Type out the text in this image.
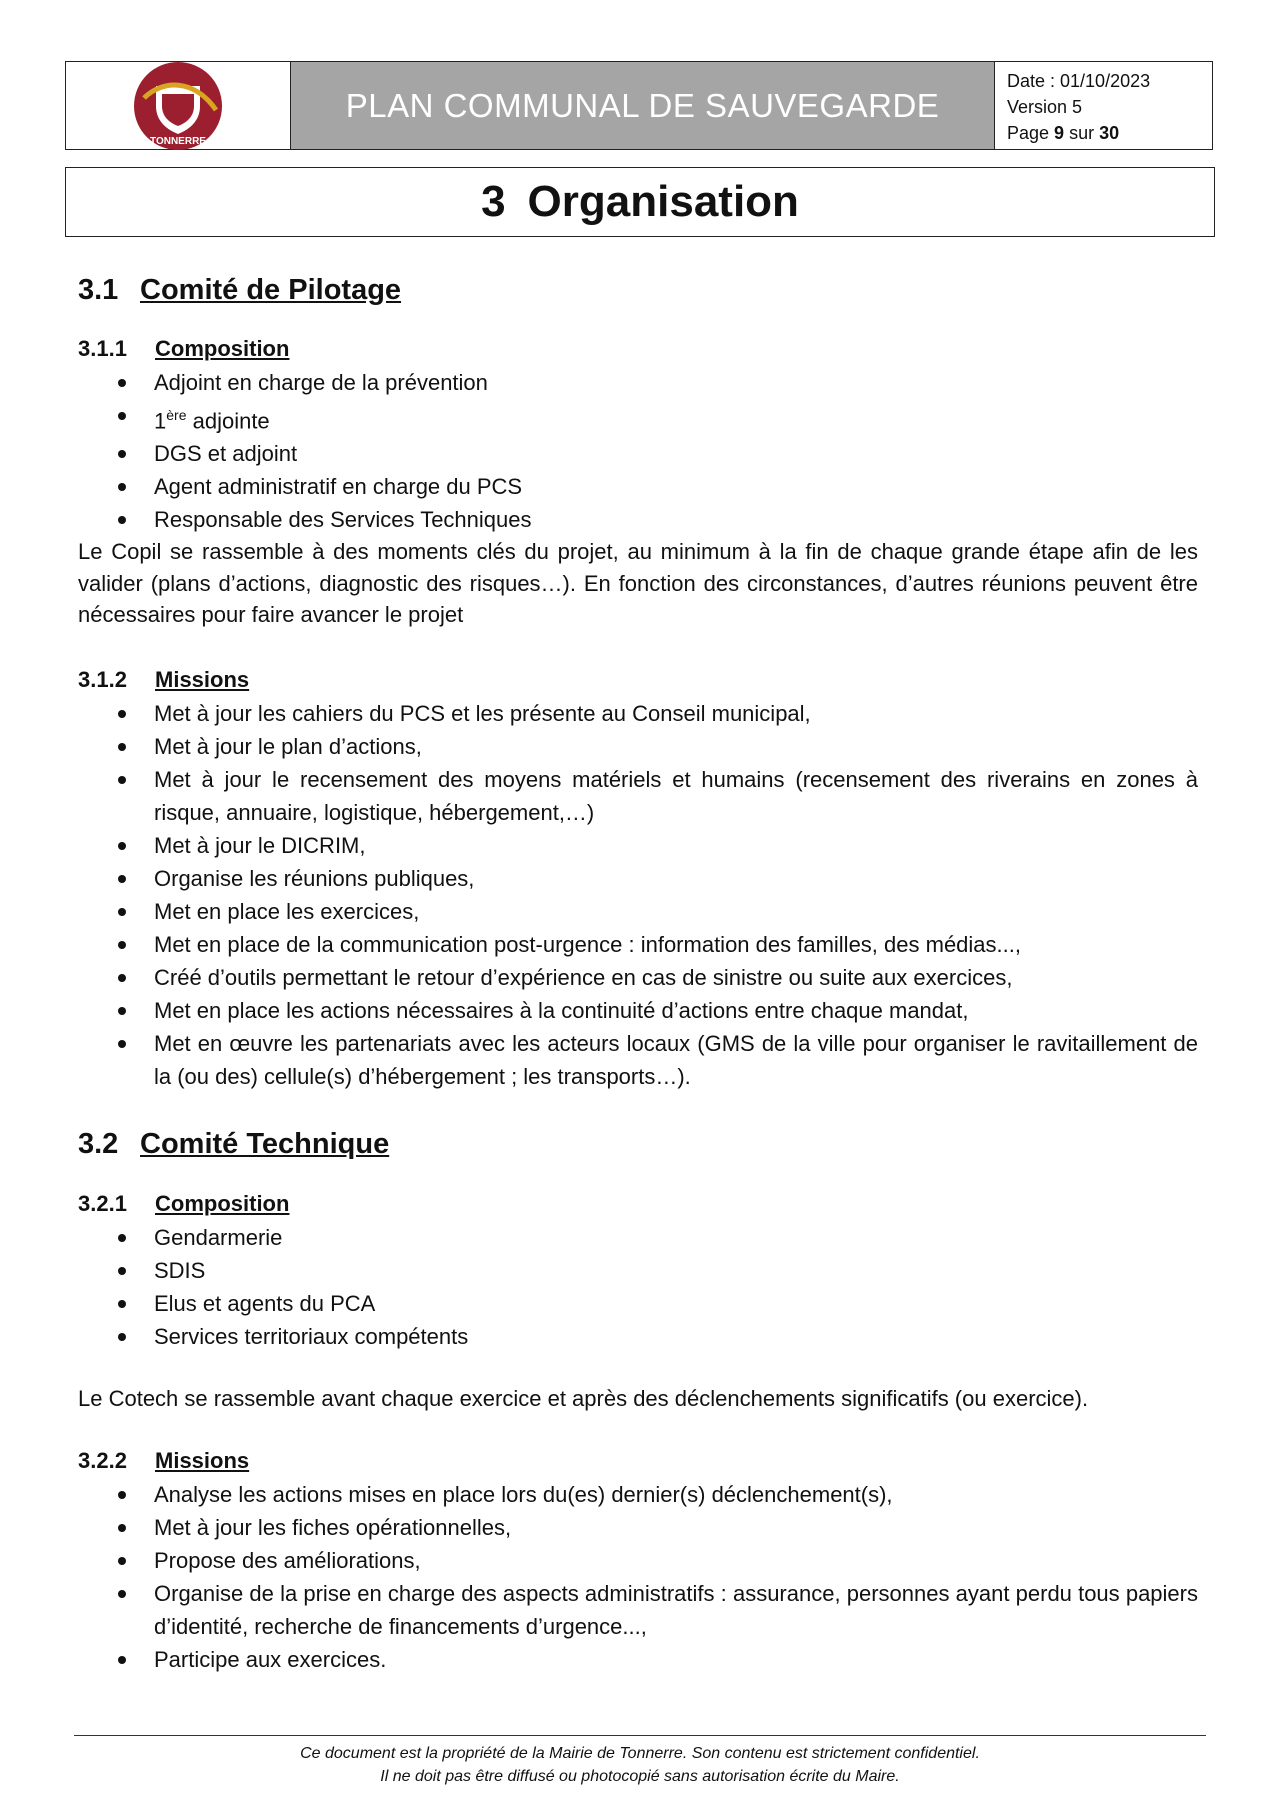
TONNERRE
PLAN COMMUNAL DE SAUVEGARDE
Date : 01/10/2023
Version 5
Page 9 sur 30
3 Organisation
3.1 Comité de Pilotage
3.1.1	Composition
Adjoint en charge de la prévention
1ère adjointe
DGS et adjoint
Agent administratif en charge du PCS
Responsable des Services Techniques

Le Copil se rassemble à des moments clés du projet, au minimum à la fin de chaque grande étape afin de les valider (plans d’actions, diagnostic des risques…). En fonction des circonstances, d’autres réunions peuvent être nécessaires pour faire avancer le projet

3.1.2	Missions
Met à jour les cahiers du PCS et les présente au Conseil municipal,
Met à jour le plan d’actions,
Met à jour le recensement des moyens matériels et humains (recensement des riverains en zones à risque, annuaire, logistique, hébergement,…)
Met à jour le DICRIM,
Organise les réunions publiques,
Met en place les exercices,
Met en place de la communication post-urgence : information des familles, des médias...,
Créé d’outils permettant le retour d’expérience en cas de sinistre ou suite aux exercices,
Met en place les actions nécessaires à la continuité d’actions entre chaque mandat,
Met en œuvre les partenariats avec les acteurs locaux (GMS de la ville pour organiser le ravitaillement de la (ou des) cellule(s) d’hébergement ; les transports…).
3.2 Comité Technique
3.2.1	Composition
Gendarmerie
SDIS
Elus et agents du PCA
Services territoriaux compétents

Le Cotech se rassemble avant chaque exercice et après des déclenchements significatifs (ou exercice).

3.2.2	Missions
Analyse les actions mises en place lors du(es) dernier(s) déclenchement(s),
Met à jour les fiches opérationnelles,
Propose des améliorations,
Organise de la prise en charge des aspects administratifs : assurance, personnes ayant perdu tous papiers d’identité, recherche de financements d’urgence...,
Participe aux exercices.
Ce document est la propriété de la Mairie de Tonnerre. Son contenu est strictement confidentiel.
Il ne doit pas être diffusé ou photocopié sans autorisation écrite du Maire.
